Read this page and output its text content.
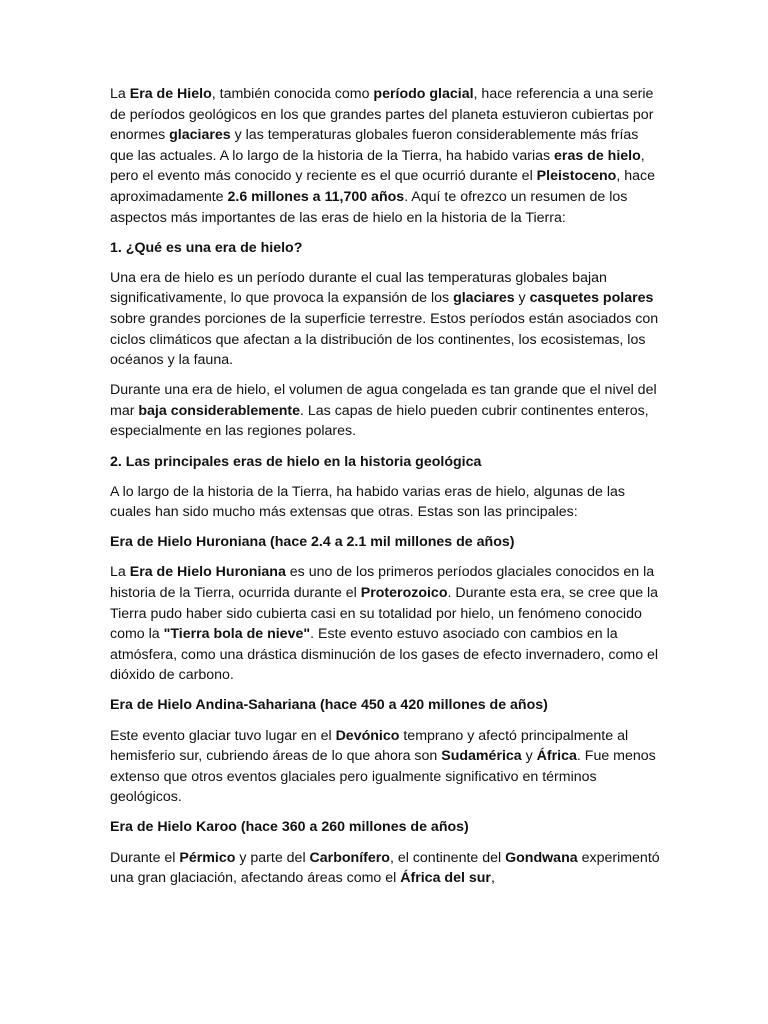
La Era de Hielo, también conocida como período glacial, hace referencia a una serie de períodos geológicos en los que grandes partes del planeta estuvieron cubiertas por enormes glaciares y las temperaturas globales fueron considerablemente más frías que las actuales. A lo largo de la historia de la Tierra, ha habido varias eras de hielo, pero el evento más conocido y reciente es el que ocurrió durante el Pleistoceno, hace aproximadamente 2.6 millones a 11,700 años. Aquí te ofrezco un resumen de los aspectos más importantes de las eras de hielo en la historia de la Tierra:

1. ¿Qué es una era de hielo?

Una era de hielo es un período durante el cual las temperaturas globales bajan significativamente, lo que provoca la expansión de los glaciares y casquetes polares sobre grandes porciones de la superficie terrestre. Estos períodos están asociados con ciclos climáticos que afectan a la distribución de los continentes, los ecosistemas, los océanos y la fauna.

Durante una era de hielo, el volumen de agua congelada es tan grande que el nivel del mar baja considerablemente. Las capas de hielo pueden cubrir continentes enteros, especialmente en las regiones polares.

2. Las principales eras de hielo en la historia geológica

A lo largo de la historia de la Tierra, ha habido varias eras de hielo, algunas de las cuales han sido mucho más extensas que otras. Estas son las principales:

Era de Hielo Huroniana (hace 2.4 a 2.1 mil millones de años)

La Era de Hielo Huroniana es uno de los primeros períodos glaciales conocidos en la historia de la Tierra, ocurrida durante el Proterozoico. Durante esta era, se cree que la Tierra pudo haber sido cubierta casi en su totalidad por hielo, un fenómeno conocido como la "Tierra bola de nieve". Este evento estuvo asociado con cambios en la atmósfera, como una drástica disminución de los gases de efecto invernadero, como el dióxido de carbono.

Era de Hielo Andina-Sahariana (hace 450 a 420 millones de años)

Este evento glaciar tuvo lugar en el Devónico temprano y afectó principalmente al hemisferio sur, cubriendo áreas de lo que ahora son Sudamérica y África. Fue menos extenso que otros eventos glaciales pero igualmente significativo en términos geológicos.

Era de Hielo Karoo (hace 360 a 260 millones de años)

Durante el Pérmico y parte del Carbonífero, el continente del Gondwana experimentó una gran glaciación, afectando áreas como el África del sur,
